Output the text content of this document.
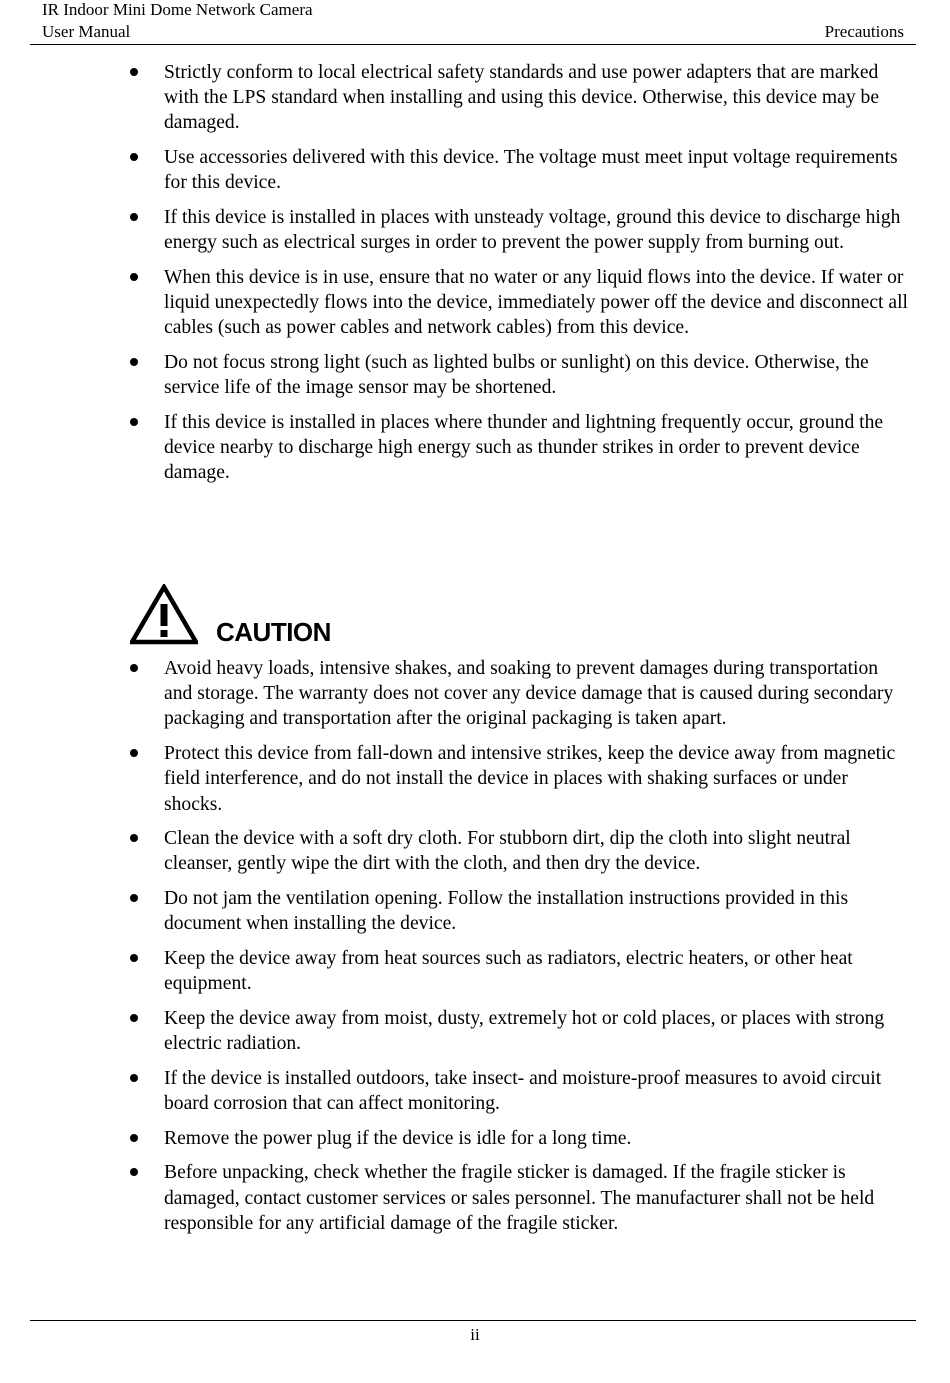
IR Indoor Mini Dome Network Camera
User Manual	Precautions
Strictly conform to local electrical safety standards and use power adapters that are marked with the LPS standard when installing and using this device. Otherwise, this device may be damaged.
Use accessories delivered with this device. The voltage must meet input voltage requirements for this device.
If this device is installed in places with unsteady voltage, ground this device to discharge high energy such as electrical surges in order to prevent the power supply from burning out.
When this device is in use, ensure that no water or any liquid flows into the device. If water or liquid unexpectedly flows into the device, immediately power off the device and disconnect all cables (such as power cables and network cables) from this device.
Do not focus strong light (such as lighted bulbs or sunlight) on this device. Otherwise, the service life of the image sensor may be shortened.
If this device is installed in places where thunder and lightning frequently occur, ground the device nearby to discharge high energy such as thunder strikes in order to prevent device damage.
CAUTION
Avoid heavy loads, intensive shakes, and soaking to prevent damages during transportation and storage. The warranty does not cover any device damage that is caused during secondary packaging and transportation after the original packaging is taken apart.
Protect this device from fall-down and intensive strikes, keep the device away from magnetic field interference, and do not install the device in places with shaking surfaces or under shocks.
Clean the device with a soft dry cloth. For stubborn dirt, dip the cloth into slight neutral cleanser, gently wipe the dirt with the cloth, and then dry the device.
Do not jam the ventilation opening. Follow the installation instructions provided in this document when installing the device.
Keep the device away from heat sources such as radiators, electric heaters, or other heat equipment.
Keep the device away from moist, dusty, extremely hot or cold places, or places with strong electric radiation.
If the device is installed outdoors, take insect- and moisture-proof measures to avoid circuit board corrosion that can affect monitoring.
Remove the power plug if the device is idle for a long time.
Before unpacking, check whether the fragile sticker is damaged. If the fragile sticker is damaged, contact customer services or sales personnel. The manufacturer shall not be held responsible for any artificial damage of the fragile sticker.
ii
